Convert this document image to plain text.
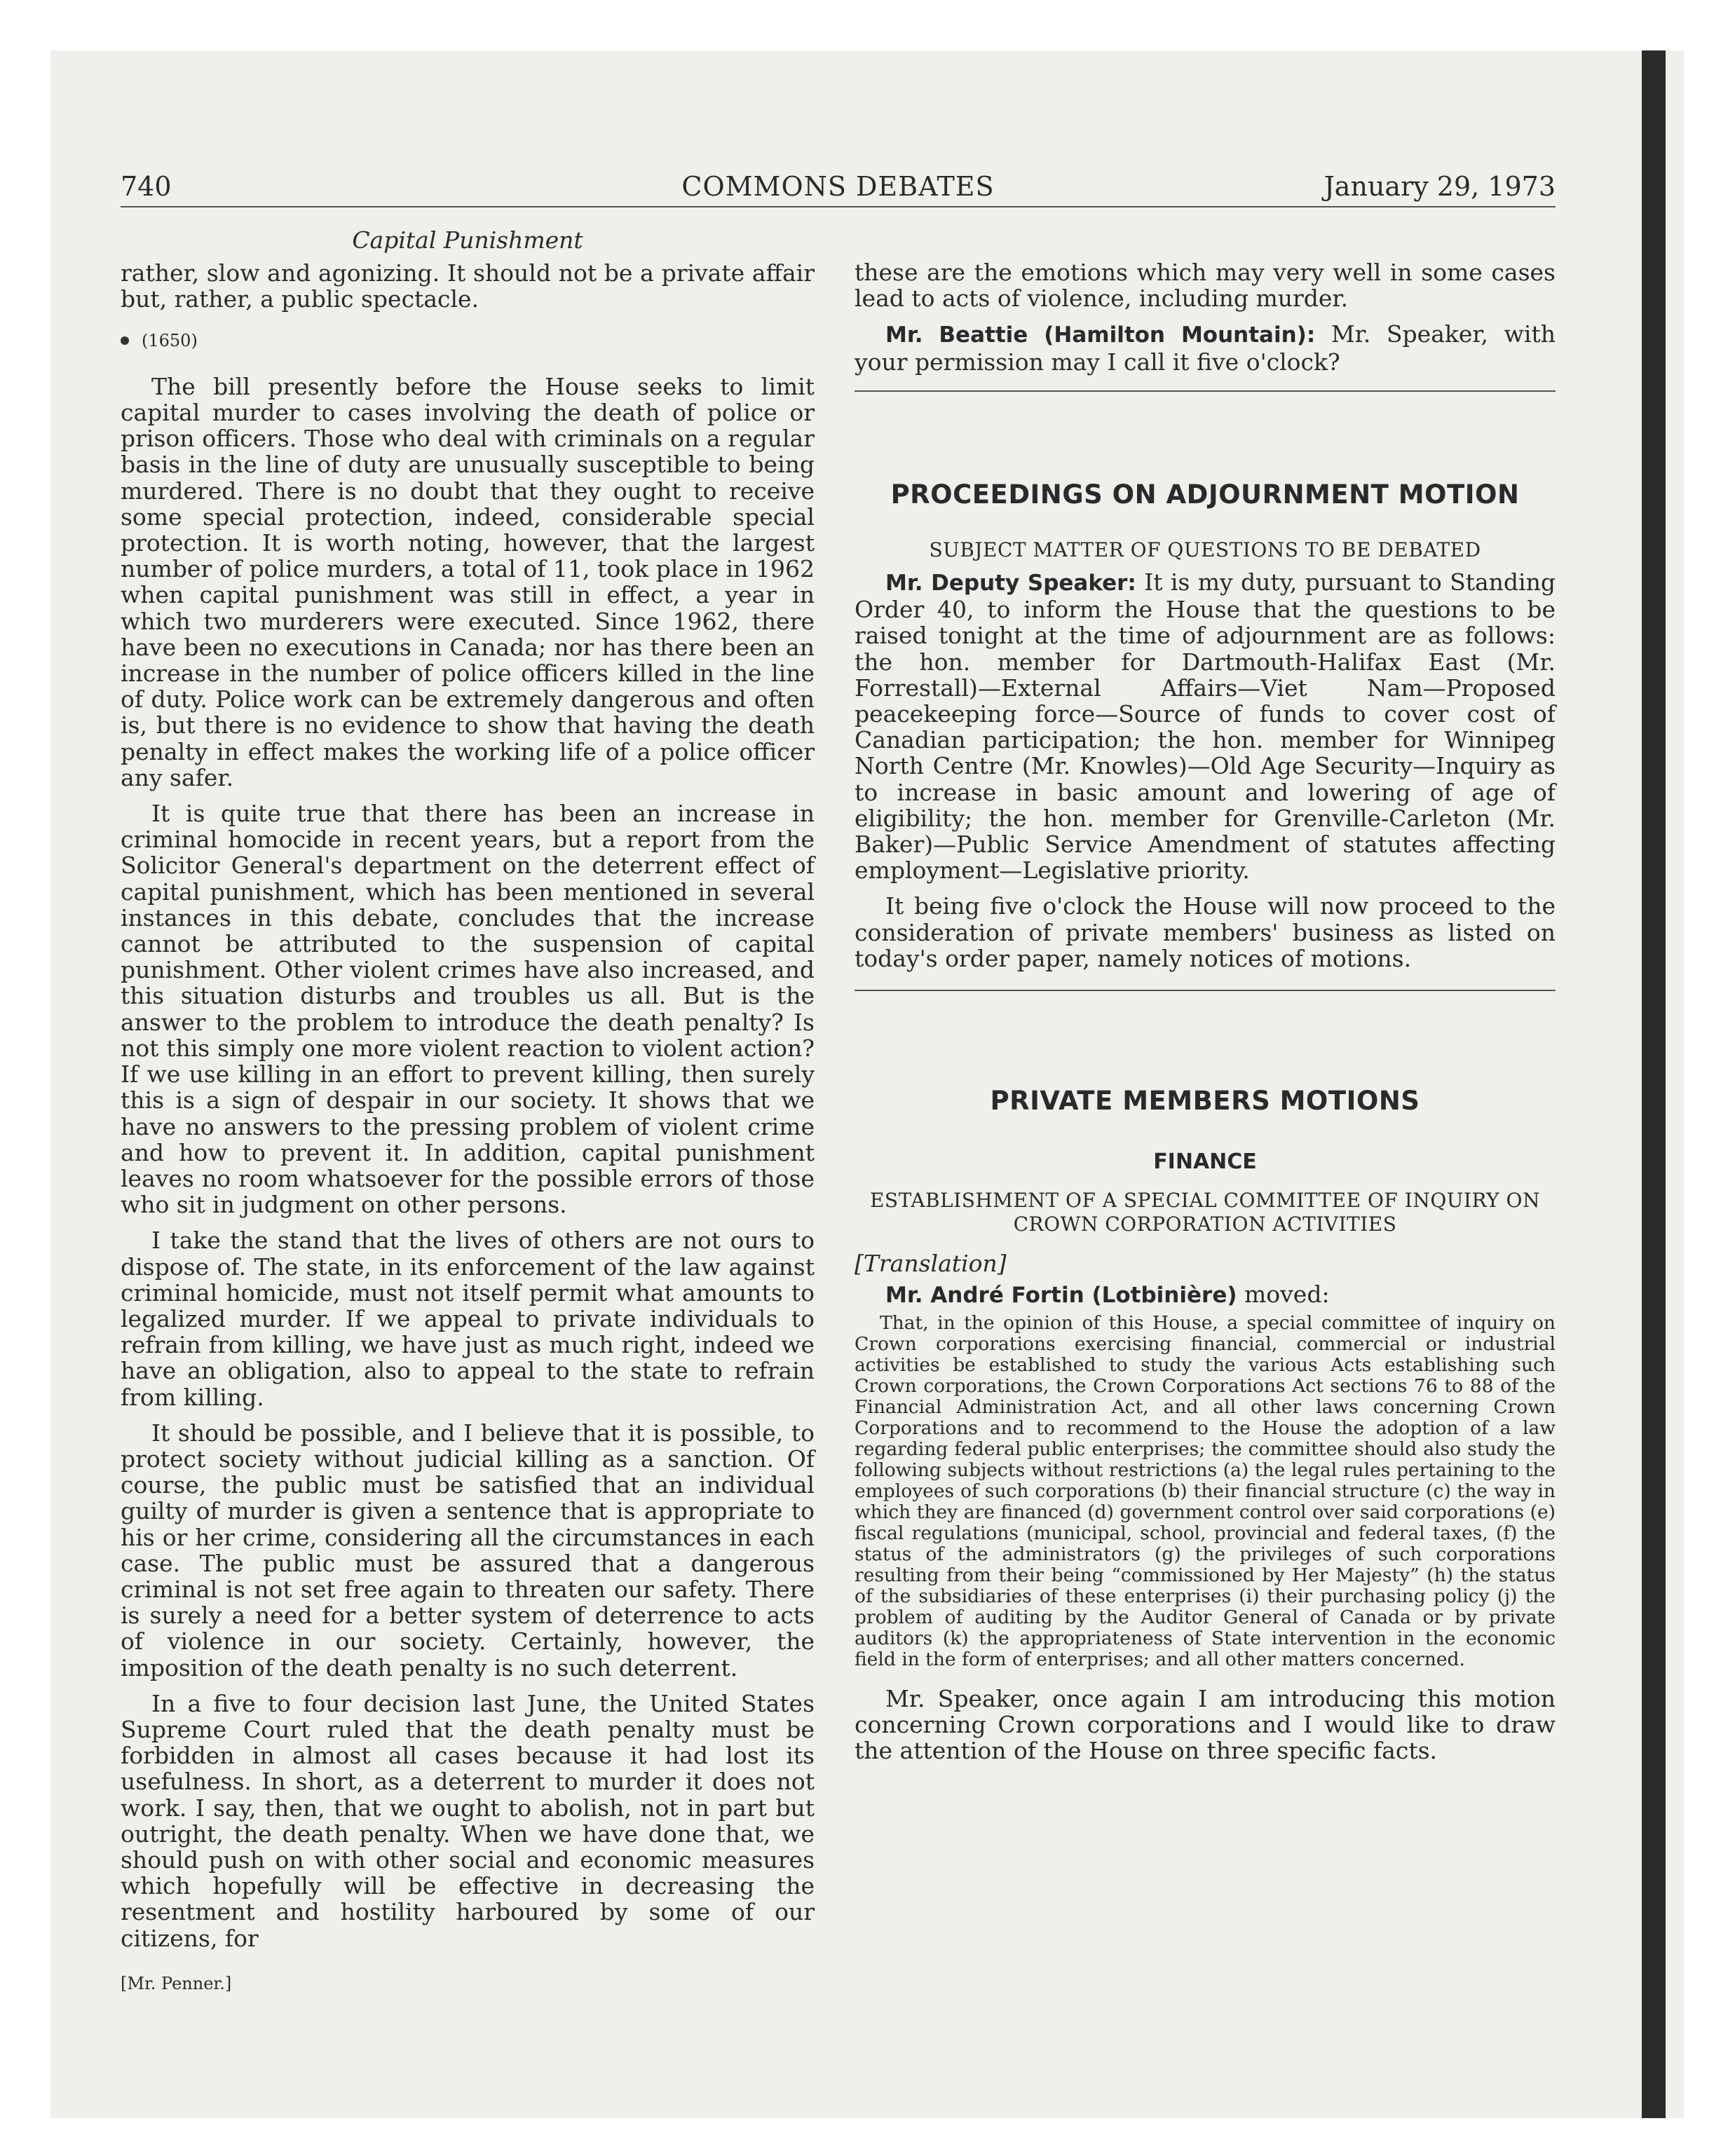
740	COMMONS DEBATES	January 29, 1973
Capital Punishment

rather, slow and agonizing. It should not be a private affair but, rather, a public spectacle.

(1650)

The bill presently before the House seeks to limit capital murder to cases involving the death of police or prison officers. Those who deal with criminals on a regular basis in the line of duty are unusually susceptible to being murdered. There is no doubt that they ought to receive some special protection, indeed, considerable special protection. It is worth noting, however, that the largest number of police murders, a total of 11, took place in 1962 when capital punishment was still in effect, a year in which two murderers were executed. Since 1962, there have been no executions in Canada; nor has there been an increase in the number of police officers killed in the line of duty. Police work can be extremely dangerous and often is, but there is no evidence to show that having the death penalty in effect makes the working life of a police officer any safer.

It is quite true that there has been an increase in criminal homocide in recent years, but a report from the Solicitor General's department on the deterrent effect of capital punishment, which has been mentioned in several instances in this debate, concludes that the increase cannot be attributed to the suspension of capital punishment. Other violent crimes have also increased, and this situation disturbs and troubles us all. But is the answer to the problem to introduce the death penalty? Is not this simply one more violent reaction to violent action? If we use killing in an effort to prevent killing, then surely this is a sign of despair in our society. It shows that we have no answers to the pressing problem of violent crime and how to prevent it. In addition, capital punishment leaves no room whatsoever for the possible errors of those who sit in judgment on other persons.

I take the stand that the lives of others are not ours to dispose of. The state, in its enforcement of the law against criminal homicide, must not itself permit what amounts to legalized murder. If we appeal to private individuals to refrain from killing, we have just as much right, indeed we have an obligation, also to appeal to the state to refrain from killing.

It should be possible, and I believe that it is possible, to protect society without judicial killing as a sanction. Of course, the public must be satisfied that an individual guilty of murder is given a sentence that is appropriate to his or her crime, considering all the circumstances in each case. The public must be assured that a dangerous criminal is not set free again to threaten our safety. There is surely a need for a better system of deterrence to acts of violence in our society. Certainly, however, the imposition of the death penalty is no such deterrent.

In a five to four decision last June, the United States Supreme Court ruled that the death penalty must be forbidden in almost all cases because it had lost its usefulness. In short, as a deterrent to murder it does not work. I say, then, that we ought to abolish, not in part but outright, the death penalty. When we have done that, we should push on with other social and economic measures which hopefully will be effective in decreasing the resentment and hostility harboured by some of our citizens, for

[Mr. Penner.]

these are the emotions which may very well in some cases lead to acts of violence, including murder.

Mr. Beattie (Hamilton Mountain): Mr. Speaker, with your permission may I call it five o'clock?

PROCEEDINGS ON ADJOURNMENT MOTION
SUBJECT MATTER OF QUESTIONS TO BE DEBATED

Mr. Deputy Speaker: It is my duty, pursuant to Standing Order 40, to inform the House that the questions to be raised tonight at the time of adjournment are as follows: the hon. member for Dartmouth-Halifax East (Mr. Forrestall)—External Affairs—Viet Nam—Proposed peacekeeping force—Source of funds to cover cost of Canadian participation; the hon. member for Winnipeg North Centre (Mr. Knowles)—Old Age Security—Inquiry as to increase in basic amount and lowering of age of eligibility; the hon. member for Grenville-Carleton (Mr. Baker)—Public Service Amendment of statutes affecting employment—Legislative priority.

It being five o'clock the House will now proceed to the consideration of private members' business as listed on today's order paper, namely notices of motions.

PRIVATE MEMBERS MOTIONS
FINANCE
ESTABLISHMENT OF A SPECIAL COMMITTEE OF INQUIRY ON CROWN CORPORATION ACTIVITIES
[Translation]

Mr. André Fortin (Lotbinière) moved:

That, in the opinion of this House, a special committee of inquiry on Crown corporations exercising financial, commercial or industrial activities be established to study the various Acts establishing such Crown corporations, the Crown Corporations Act sections 76 to 88 of the Financial Administration Act, and all other laws concerning Crown Corporations and to recommend to the House the adoption of a law regarding federal public enterprises; the committee should also study the following subjects without restrictions (a) the legal rules pertaining to the employees of such corporations (b) their financial structure (c) the way in which they are financed (d) government control over said corporations (e) fiscal regulations (municipal, school, provincial and federal taxes, (f) the status of the administrators (g) the privileges of such corporations resulting from their being “commissioned by Her Majesty” (h) the status of the subsidiaries of these enterprises (i) their purchasing policy (j) the problem of auditing by the Auditor General of Canada or by private auditors (k) the appropriateness of State intervention in the economic field in the form of enterprises; and all other matters concerned.

Mr. Speaker, once again I am introducing this motion concerning Crown corporations and I would like to draw the attention of the House on three specific facts.
